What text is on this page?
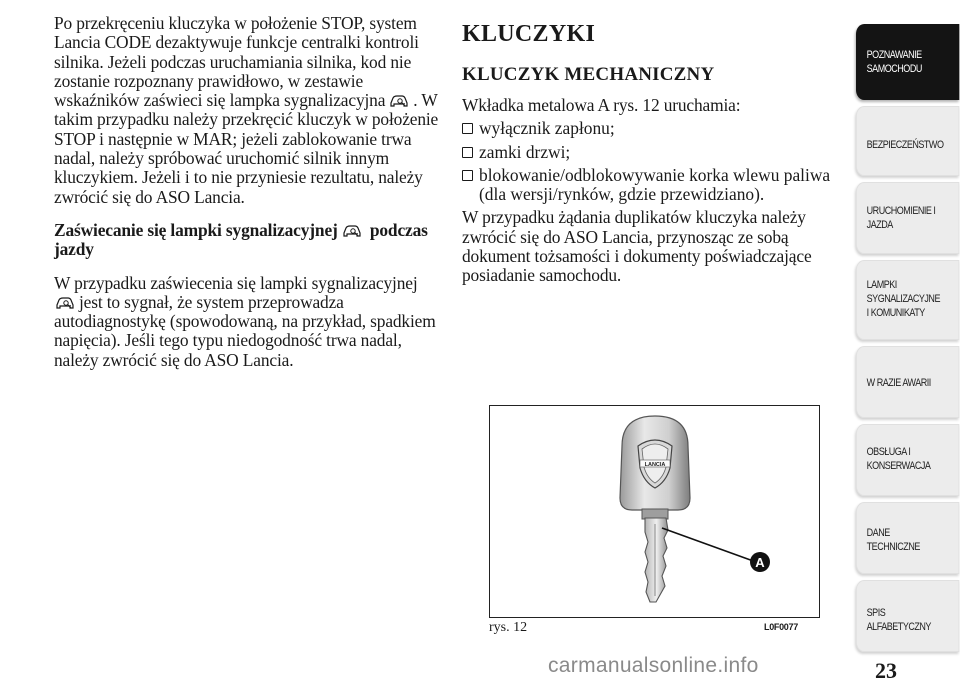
Po przekręceniu kluczyka w położenie STOP, system Lancia CODE dezaktywuje funkcje centralki kontroli silnika. Jeżeli podczas uruchamiania silnika, kod nie zostanie rozpoznany prawidłowo, w zestawie wskaźników zaświeci się lampka sygnalizacyjna . W takim przypadku należy przekręcić kluczyk w położenie STOP i następnie w MAR; jeżeli zablokowanie trwa nadal, należy spróbować uruchomić silnik innym kluczykiem. Jeżeli i to nie przyniesie rezultatu, należy zwrócić się do ASO Lancia.

Zaświecanie się lampki sygnalizacyjnej podczas jazdy

W przypadku zaświecenia się lampki sygnalizacyjnej jest to sygnał, że system przeprowadza autodiagnostykę (spowodowaną, na przykład, spadkiem napięcia). Jeśli tego typu niedogodność trwa nadal, należy zwrócić się do ASO Lancia.

KLUCZYKI
KLUCZYK MECHANICZNY

Wkładka metalowa A rys. 12 uruchamia:

wyłącznik zapłonu;
zamki drzwi;
blokowanie/odblokowywanie korka wlewu paliwa (dla wersji/rynków, gdzie przewidziano).

W przypadku żądania duplikatów kluczyka należy zwrócić się do ASO Lancia, przynosząc ze sobą dokument tożsamości i dokumenty poświadczające posiadanie samochodu.

LANCIA
A
rys. 12	L0F0077
POZNAWANIE
SAMOCHODU
BEZPIECZEŃSTWO
URUCHOMIENIE I
JAZDA
LAMPKI
SYGNALIZACYJNE
I KOMUNIKATY
W RAZIE AWARII
OBSŁUGA I
KONSERWACJA
DANE
TECHNICZNE
SPIS
ALFABETYCZNY
23
carmanualsonline.info
